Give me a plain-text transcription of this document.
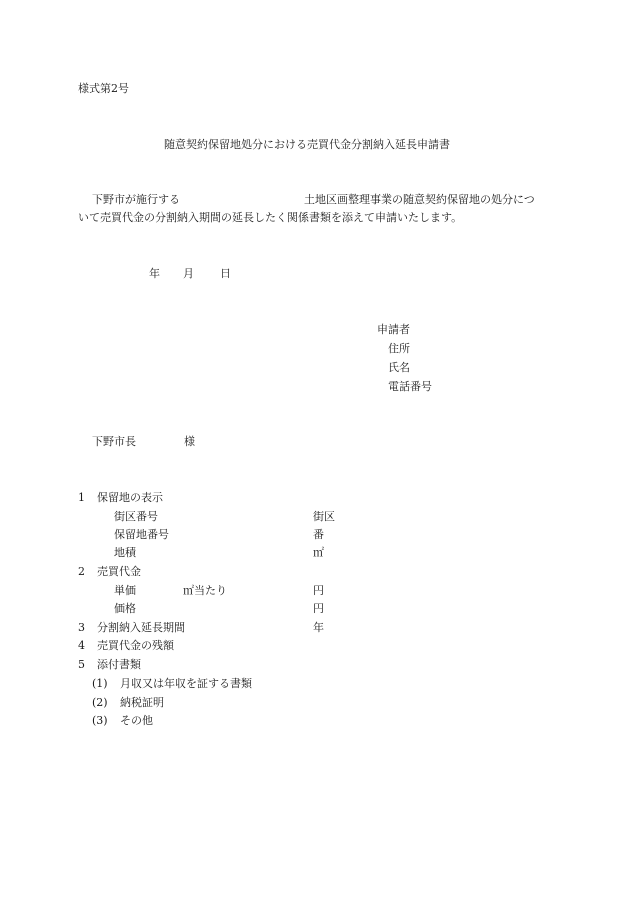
様式第2号
随意契約保留地処分における売買代金分割納入延長申請書
下野市が施行する	土地区画整理事業の随意契約保留地の処分につ
いて売買代金の分割納入期間の延長したく関係書類を添えて申請いたします。
年 月 日
申請者
住所
氏名
電話番号
下野市長	様
1 保留地の表示
街区番号	街区
保留地番号	番
地積	㎡
2 売買代金
単価	㎡当たり	円
価格	円
3 分割納入延長期間	年
4 売買代金の残額
5 添付書類
(1) 月収又は年収を証する書類
(2) 納税証明
(3) その他
